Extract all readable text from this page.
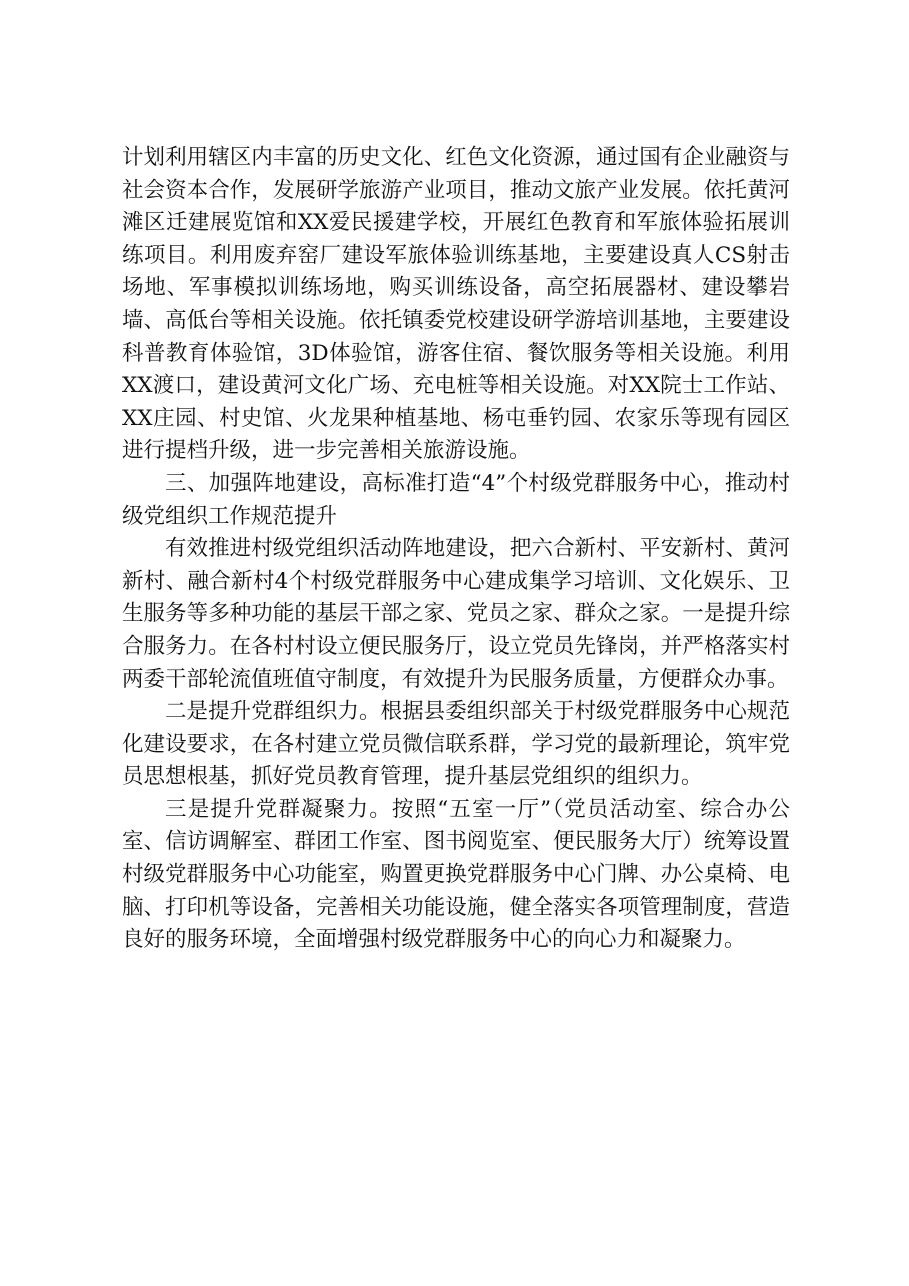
计划利用辖区内丰富的历史文化、红色文化资源，通过国有企业融资与社会资本合作，发展研学旅游产业项目，推动文旅产业发展。依托黄河滩区迁建展览馆和XX爱民援建学校，开展红色教育和军旅体验拓展训练项目。利用废弃窑厂建设军旅体验训练基地，主要建设真人CS射击场地、军事模拟训练场地，购买训练设备，高空拓展器材、建设攀岩墙、高低台等相关设施。依托镇委党校建设研学游培训基地，主要建设科普教育体验馆，3D体验馆，游客住宿、餐饮服务等相关设施。利用XX渡口，建设黄河文化广场、充电桩等相关设施。对XX院士工作站、XX庄园、村史馆、火龙果种植基地、杨屯垂钓园、农家乐等现有园区进行提档升级，进一步完善相关旅游设施。

三、加强阵地建设，高标准打造“4”个村级党群服务中心，推动村级党组织工作规范提升

有效推进村级党组织活动阵地建设，把六合新村、平安新村、黄河新村、融合新村4个村级党群服务中心建成集学习培训、文化娱乐、卫生服务等多种功能的基层干部之家、党员之家、群众之家。一是提升综合服务力。在各村村设立便民服务厅，设立党员先锋岗，并严格落实村两委干部轮流值班值守制度，有效提升为民服务质量，方便群众办事。

二是提升党群组织力。根据县委组织部关于村级党群服务中心规范化建设要求，在各村建立党员微信联系群，学习党的最新理论，筑牢党员思想根基，抓好党员教育管理，提升基层党组织的组织力。

三是提升党群凝聚力。按照“五室一厅”（党员活动室、综合办公室、信访调解室、群团工作室、图书阅览室、便民服务大厅）统筹设置村级党群服务中心功能室，购置更换党群服务中心门牌、办公桌椅、电脑、打印机等设备，完善相关功能设施，健全落实各项管理制度，营造良好的服务环境，全面增强村级党群服务中心的向心力和凝聚力。
